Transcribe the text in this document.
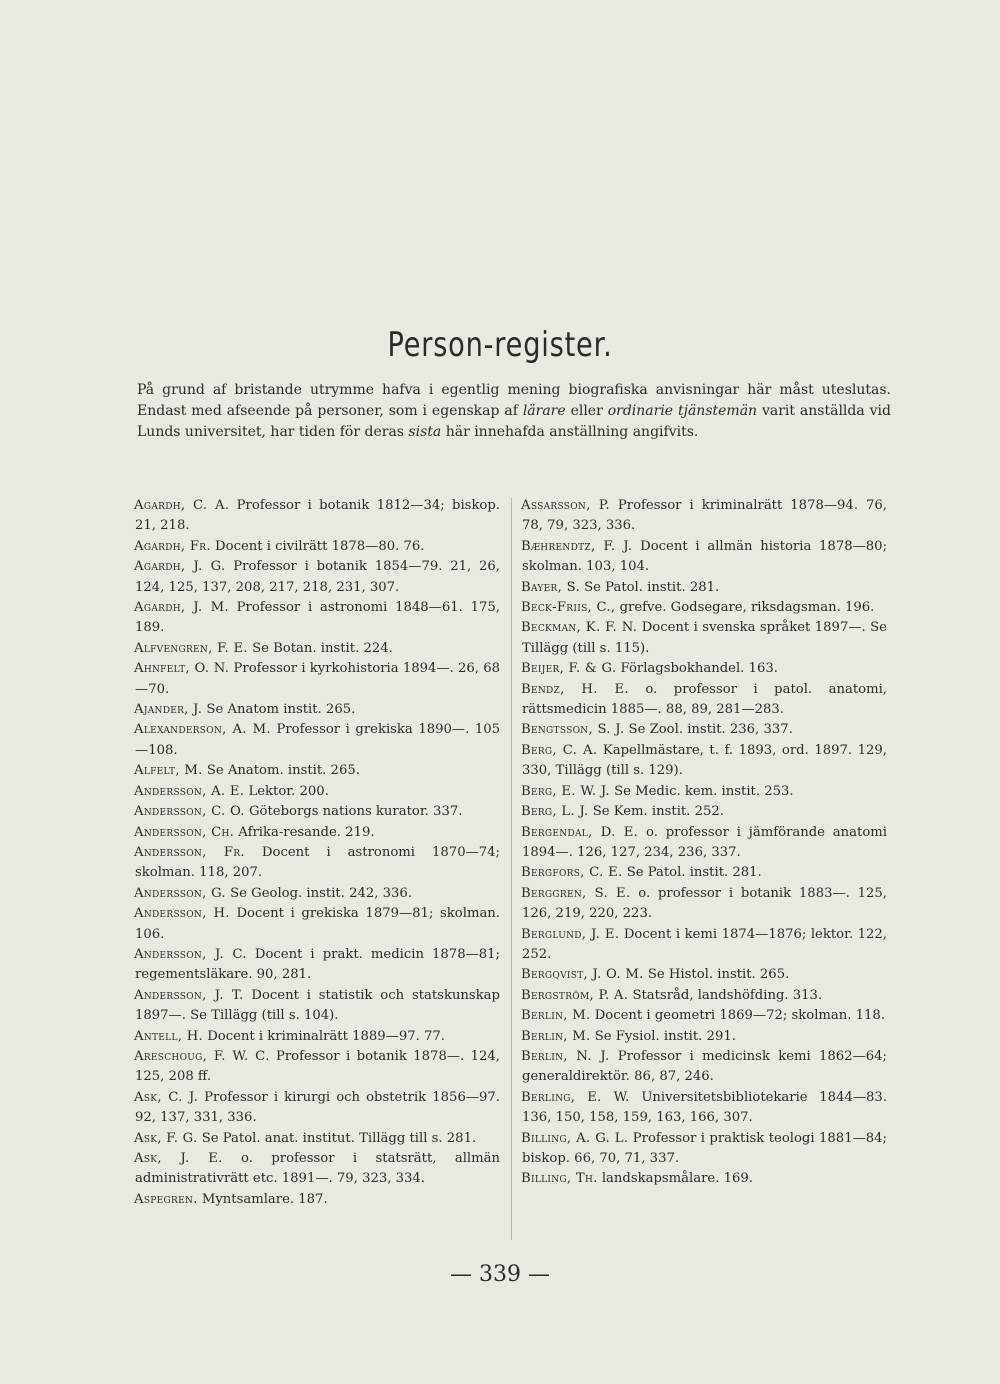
Person-register.

På grund af bristande utrymme hafva i egentlig mening biografiska anvisningar här måst uteslutas. Endast med afseende på personer, som i egenskap af lärare eller ordinarie tjänstemän varit anställda vid Lunds universitet, har tiden för deras sista här innehafda anställning angifvits.

Agardh, C. A. Professor i botanik 1812—34; biskop. 21, 218.

Agardh, Fr. Docent i civilrätt 1878—80. 76.

Agardh, J. G. Professor i botanik 1854—79. 21, 26, 124, 125, 137, 208, 217, 218, 231, 307.

Agardh, J. M. Professor i astronomi 1848—61. 175, 189.

Alfvengren, F. E. Se Botan. instit. 224.

Ahnfelt, O. N. Professor i kyrkohistoria 1894—. 26, 68—70.

Ajander, J. Se Anatom instit. 265.

Alexanderson, A. M. Professor i grekiska 1890—. 105—108.

Alfelt, M. Se Anatom. instit. 265.

Andersson, A. E. Lektor. 200.

Andersson, C. O. Göteborgs nations kurator. 337.

Andersson, Ch. Afrika-resande. 219.

Andersson, Fr. Docent i astronomi 1870—74; skolman. 118, 207.

Andersson, G. Se Geolog. instit. 242, 336.

Andersson, H. Docent i grekiska 1879—81; skolman. 106.

Andersson, J. C. Docent i prakt. medicin 1878—81; regementsläkare. 90, 281.

Andersson, J. T. Docent i statistik och statskunskap 1897—. Se Tillägg (till s. 104).

Antell, H. Docent i kriminalrätt 1889—97. 77.

Areschoug, F. W. C. Professor i botanik 1878—. 124, 125, 208 ff.

Ask, C. J. Professor i kirurgi och obstetrik 1856—97. 92, 137, 331, 336.

Ask, F. G. Se Patol. anat. institut. Tillägg till s. 281.

Ask, J. E. o. professor i statsrätt, allmän administrativrätt etc. 1891—. 79, 323, 334.

Aspegren. Myntsamlare. 187.

Assarsson, P. Professor i kriminalrätt 1878—94. 76, 78, 79, 323, 336.

Bæhrendtz, F. J. Docent i allmän historia 1878—80; skolman. 103, 104.

Bayer, S. Se Patol. instit. 281.

Beck-Friis, C., grefve. Godsegare, riksdagsman. 196.

Beckman, K. F. N. Docent i svenska språket 1897—. Se Tillägg (till s. 115).

Beijer, F. & G. Förlagsbokhandel. 163.

Bendz, H. E. o. professor i patol. anatomi, rättsmedicin 1885—. 88, 89, 281—283.

Bengtsson, S. J. Se Zool. instit. 236, 337.

Berg, C. A. Kapellmästare, t. f. 1893, ord. 1897. 129, 330, Tillägg (till s. 129).

Berg, E. W. J. Se Medic. kem. instit. 253.

Berg, L. J. Se Kem. instit. 252.

Bergendal, D. E. o. professor i jämförande anatomi 1894—. 126, 127, 234, 236, 337.

Bergfors, C. E. Se Patol. instit. 281.

Berggren, S. E. o. professor i botanik 1883—. 125, 126, 219, 220, 223.

Berglund, J. E. Docent i kemi 1874—1876; lektor. 122, 252.

Bergqvist, J. O. M. Se Histol. instit. 265.

Bergström, P. A. Statsråd, landshöfding. 313.

Berlin, M. Docent i geometri 1869—72; skolman. 118.

Berlin, M. Se Fysiol. instit. 291.

Berlin, N. J. Professor i medicinsk kemi 1862—64; generaldirektör. 86, 87, 246.

Berling, E. W. Universitetsbibliotekarie 1844—83. 136, 150, 158, 159, 163, 166, 307.

Billing, A. G. L. Professor i praktisk teologi 1881—84; biskop. 66, 70, 71, 337.

Billing, Th. landskapsmålare. 169.

— 339 —
